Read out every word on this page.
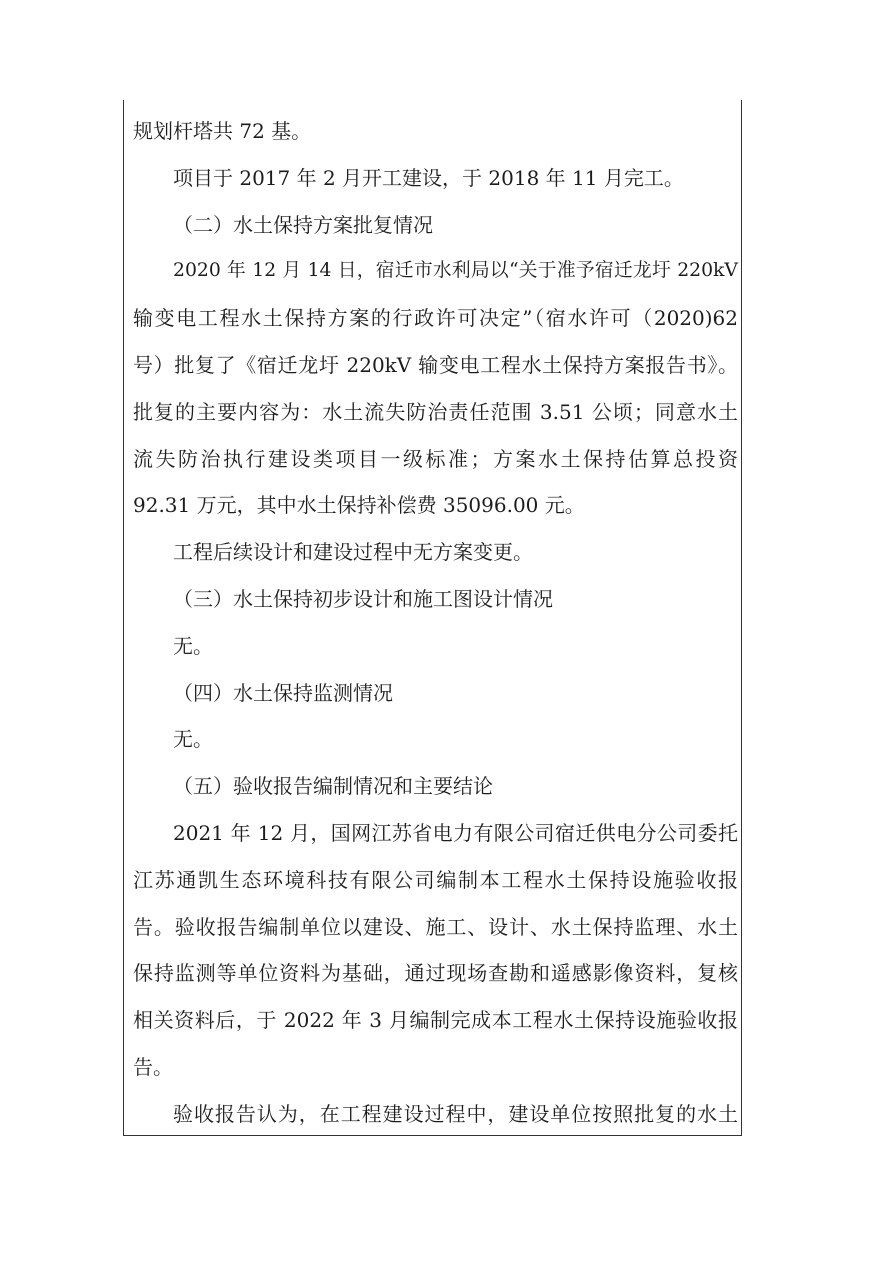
规划杆塔共 72 基。
项目于 2017 年 2 月开工建设，于 2018 年 11 月完工。
（二）水土保持方案批复情况
2020 年 12 月 14 日，宿迁市水利局以“关于准予宿迁龙圩 220kV
输变电工程水土保持方案的行政许可决定”（宿水许可（2020)62
号）批复了《宿迁龙圩 220kV 输变电工程水土保持方案报告书》。
批复的主要内容为：水土流失防治责任范围 3.51 公顷；同意水土
流失防治执行建设类项目一级标准；方案水土保持估算总投资
92.31 万元，其中水土保持补偿费 35096.00 元。
工程后续设计和建设过程中无方案变更。
（三）水土保持初步设计和施工图设计情况
无。
（四）水土保持监测情况
无。
（五）验收报告编制情况和主要结论
2021 年 12 月，国网江苏省电力有限公司宿迁供电分公司委托
江苏通凯生态环境科技有限公司编制本工程水土保持设施验收报
告。验收报告编制单位以建设、施工、设计、水土保持监理、水土
保持监测等单位资料为基础，通过现场查勘和遥感影像资料，复核
相关资料后，于 2022 年 3 月编制完成本工程水土保持设施验收报
告。
验收报告认为，在工程建设过程中，建设单位按照批复的水土
